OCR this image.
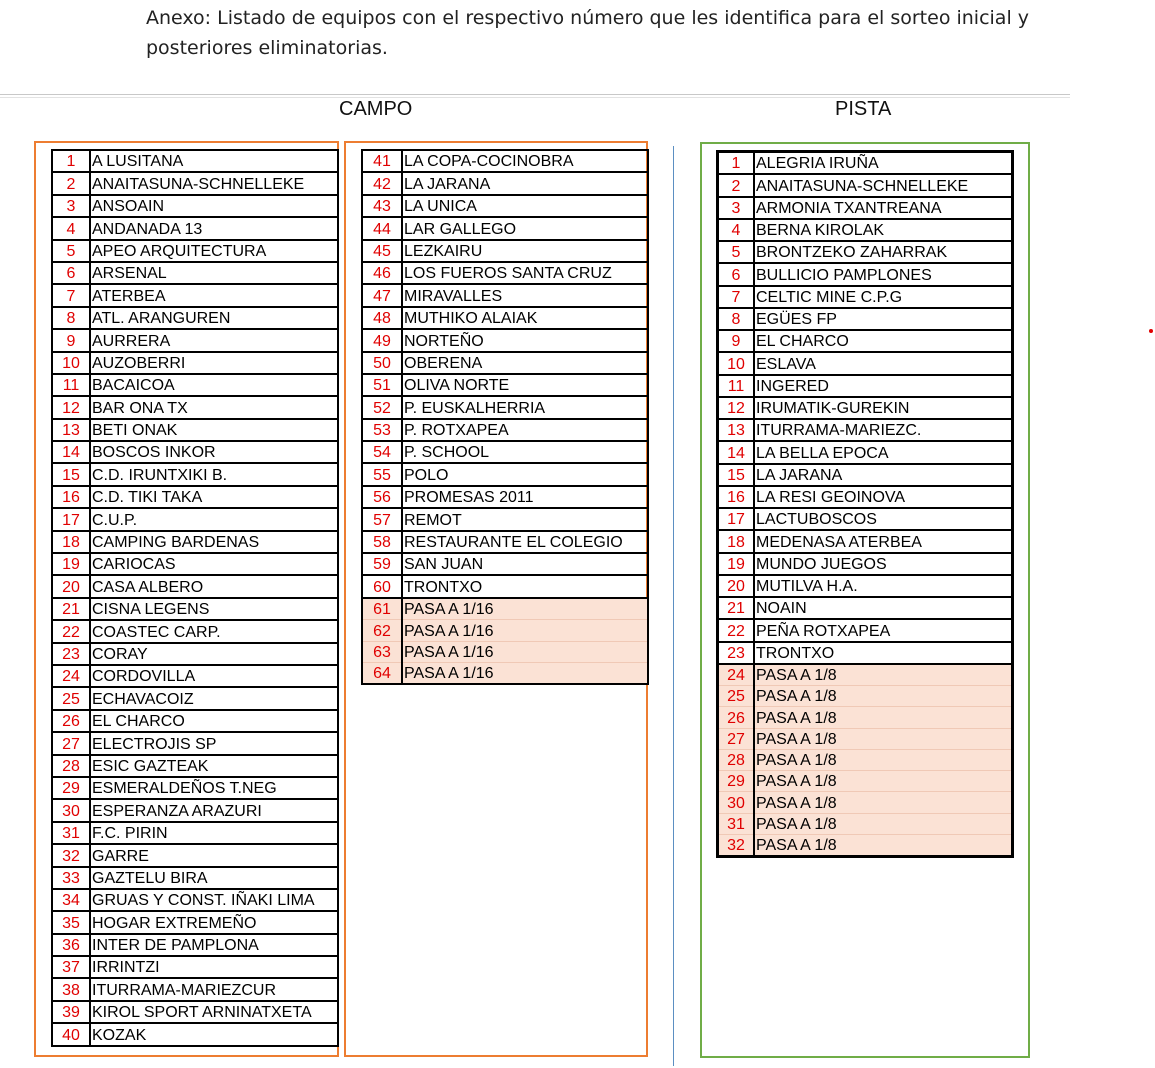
Anexo: Listado de equipos con el respectivo número que les identifica para el sorteo inicial y posteriores eliminatorias.
CAMPO	PISTA
1	A LUSITANA
2	ANAITASUNA-SCHNELLEKE
3	ANSOAIN
4	ANDANADA 13
5	APEO ARQUITECTURA
6	ARSENAL
7	ATERBEA
8	ATL. ARANGUREN
9	AURRERA
10	AUZOBERRI
11	BACAICOA
12	BAR ONA TX
13	BETI ONAK
14	BOSCOS INKOR
15	C.D. IRUNTXIKI B.
16	C.D. TIKI TAKA
17	C.U.P.
18	CAMPING BARDENAS
19	CARIOCAS
20	CASA ALBERO
21	CISNA LEGENS
22	COASTEC CARP.
23	CORAY
24	CORDOVILLA
25	ECHAVACOIZ
26	EL CHARCO
27	ELECTROJIS SP
28	ESIC GAZTEAK
29	ESMERALDEÑOS T.NEG
30	ESPERANZA ARAZURI
31	F.C. PIRIN
32	GARRE
33	GAZTELU BIRA
34	GRUAS Y CONST. IÑAKI LIMA
35	HOGAR EXTREMEÑO
36	INTER DE PAMPLONA
37	IRRINTZI
38	ITURRAMA-MARIEZCUR
39	KIROL SPORT ARNINATXETA
40	KOZAK
41	LA COPA-COCINOBRA
42	LA JARANA
43	LA UNICA
44	LAR GALLEGO
45	LEZKAIRU
46	LOS FUEROS SANTA CRUZ
47	MIRAVALLES
48	MUTHIKO ALAIAK
49	NORTEÑO
50	OBERENA
51	OLIVA NORTE
52	P. EUSKALHERRIA
53	P. ROTXAPEA
54	P. SCHOOL
55	POLO
56	PROMESAS 2011
57	REMOT
58	RESTAURANTE EL COLEGIO
59	SAN JUAN
60	TRONTXO
61	PASA A 1/16
62	PASA A 1/16
63	PASA A 1/16
64	PASA A 1/16
1	ALEGRIA IRUÑA
2	ANAITASUNA-SCHNELLEKE
3	ARMONIA TXANTREANA
4	BERNA KIROLAK
5	BRONTZEKO ZAHARRAK
6	BULLICIO PAMPLONES
7	CELTIC MINE C.P.G
8	EGÜES FP
9	EL CHARCO
10	ESLAVA
11	INGERED
12	IRUMATIK-GUREKIN
13	ITURRAMA-MARIEZC.
14	LA BELLA EPOCA
15	LA JARANA
16	LA RESI GEOINOVA
17	LACTUBOSCOS
18	MEDENASA ATERBEA
19	MUNDO JUEGOS
20	MUTILVA H.A.
21	NOAIN
22	PEÑA ROTXAPEA
23	TRONTXO
24	PASA A 1/8
25	PASA A 1/8
26	PASA A 1/8
27	PASA A 1/8
28	PASA A 1/8
29	PASA A 1/8
30	PASA A 1/8
31	PASA A 1/8
32	PASA A 1/8
